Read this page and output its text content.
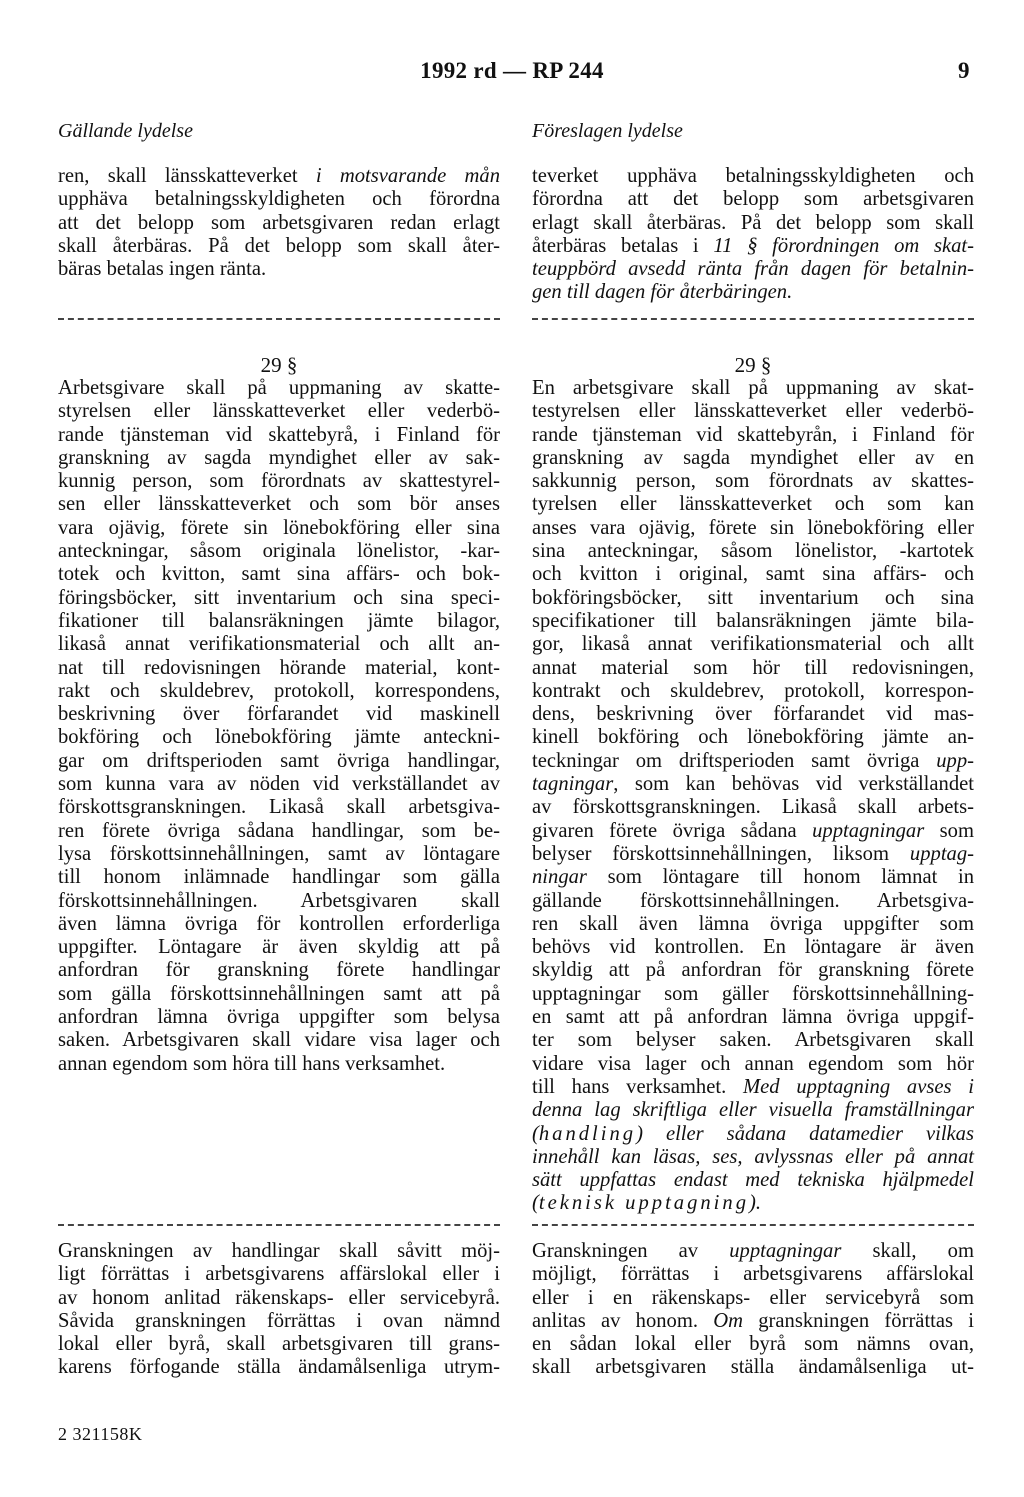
1992 rd — RP 244	9
Gällande lydelse	Föreslagen lydelse
ren, skall länsskatteverket i motsvarande mån
upphäva betalningsskyldigheten och förordna
att det belopp som arbetsgivaren redan erlagt
skall återbäras. På det belopp som skall åter-
bäras betalas ingen ränta.
teverket upphäva betalningsskyldigheten och
förordna att det belopp som arbetsgivaren
erlagt skall återbäras. På det belopp som skall
återbäras betalas i 11 § förordningen om skat-
teuppbörd avsedd ränta från dagen för betalnin-
gen till dagen för återbäringen.
29 §	29 §
Arbetsgivare skall på uppmaning av skatte-
styrelsen eller länsskatteverket eller vederbö-
rande tjänsteman vid skattebyrå, i Finland för
granskning av sagda myndighet eller av sak-
kunnig person, som förordnats av skattestyrel-
sen eller länsskatteverket och som bör anses
vara ojävig, förete sin lönebokföring eller sina
anteckningar, såsom originala lönelistor, -kar-
totek och kvitton, samt sina affärs- och bok-
föringsböcker, sitt inventarium och sina speci-
fikationer till balansräkningen jämte bilagor,
likaså annat verifikationsmaterial och allt an-
nat till redovisningen hörande material, kont-
rakt och skuldebrev, protokoll, korrespondens,
beskrivning över förfarandet vid maskinell
bokföring och lönebokföring jämte anteckni-
gar om driftsperioden samt övriga handlingar,
som kunna vara av nöden vid verkställandet av
förskottsgranskningen. Likaså skall arbetsgiva-
ren förete övriga sådana handlingar, som be-
lysa förskottsinnehållningen, samt av löntagare
till honom inlämnade handlingar som gälla
förskottsinnehållningen. Arbetsgivaren skall
även lämna övriga för kontrollen erforderliga
uppgifter. Löntagare är även skyldig att på
anfordran för granskning förete handlingar
som gälla förskottsinnehållningen samt att på
anfordran lämna övriga uppgifter som belysa
saken. Arbetsgivaren skall vidare visa lager och
annan egendom som höra till hans verksamhet.
En arbetsgivare skall på uppmaning av skat-
testyrelsen eller länsskatteverket eller vederbö-
rande tjänsteman vid skattebyrån, i Finland för
granskning av sagda myndighet eller av en
sakkunnig person, som förordnats av skattes-
tyrelsen eller länsskatteverket och som kan
anses vara ojävig, förete sin lönebokföring eller
sina anteckningar, såsom lönelistor, -kartotek
och kvitton i original, samt sina affärs- och
bokföringsböcker, sitt inventarium och sina
specifikationer till balansräkningen jämte bila-
gor, likaså annat verifikationsmaterial och allt
annat material som hör till redovisningen,
kontrakt och skuldebrev, protokoll, korrespon-
dens, beskrivning över förfarandet vid mas-
kinell bokföring och lönebokföring jämte an-
teckningar om driftsperioden samt övriga upp-
tagningar, som kan behövas vid verkställandet
av förskottsgranskningen. Likaså skall arbets-
givaren förete övriga sådana upptagningar som
belyser förskottsinnehållningen, liksom upptag-
ningar som löntagare till honom lämnat in
gällande förskottsinnehållningen. Arbetsgiva-
ren skall även lämna övriga uppgifter som
behövs vid kontrollen. En löntagare är även
skyldig att på anfordran för granskning förete
upptagningar som gäller förskottsinnehållning-
en samt att på anfordran lämna övriga uppgif-
ter som belyser saken. Arbetsgivaren skall
vidare visa lager och annan egendom som hör
till hans verksamhet. Med upptagning avses i
denna lag skriftliga eller visuella framställningar
(handling) eller sådana datamedier vilkas
innehåll kan läsas, ses, avlyssnas eller på annat
sätt uppfattas endast med tekniska hjälpmedel
(teknisk upptagning).
Granskningen av handlingar skall såvitt möj-
ligt förrättas i arbetsgivarens affärslokal eller i
av honom anlitad räkenskaps- eller servicebyrå.
Såvida granskningen förrättas i ovan nämnd
lokal eller byrå, skall arbetsgivaren till grans-
karens förfogande ställa ändamålsenliga utrym-
Granskningen av upptagningar skall, om
möjligt, förrättas i arbetsgivarens affärslokal
eller i en räkenskaps- eller servicebyrå som
anlitas av honom. Om granskningen förrättas i
en sådan lokal eller byrå som nämns ovan,
skall arbetsgivaren ställa ändamålsenliga ut-
2 321158K
